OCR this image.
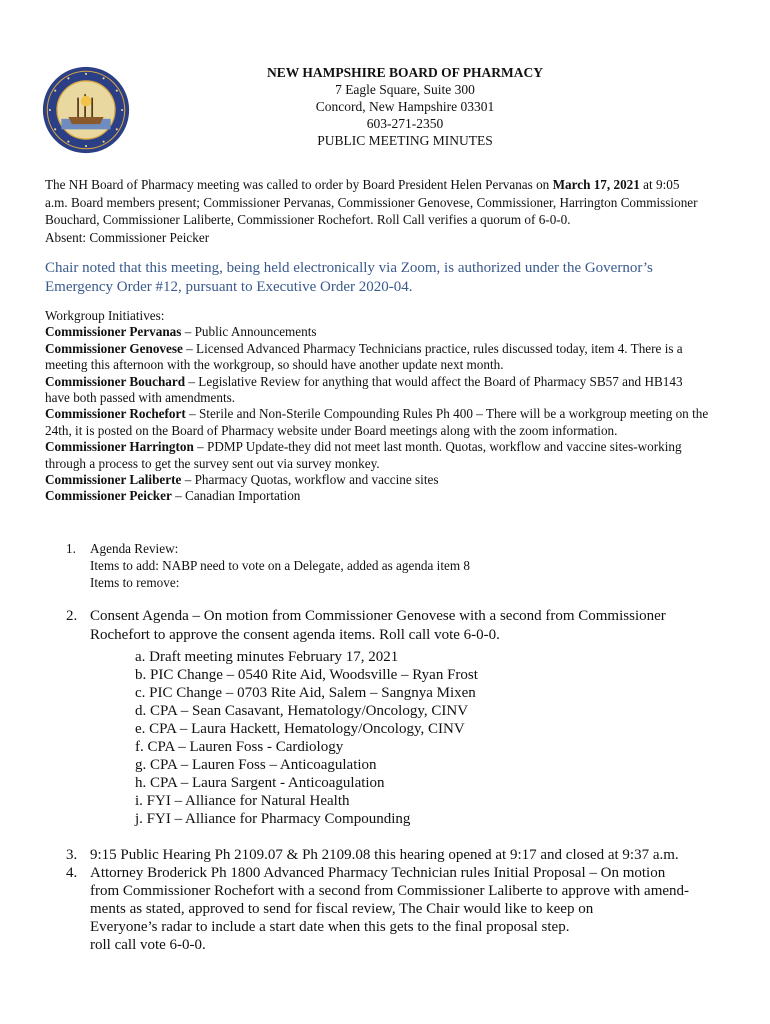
NEW HAMPSHIRE BOARD OF PHARMACY
7 Eagle Square, Suite 300
Concord, New Hampshire 03301
603-271-2350
PUBLIC MEETING MINUTES
The NH Board of Pharmacy meeting was called to order by Board President Helen Pervanas on March 17, 2021 at 9:05 a.m. Board members present; Commissioner Pervanas, Commissioner Genovese, Commissioner, Harrington Commissioner Bouchard, Commissioner Laliberte, Commissioner Rochefort. Roll Call verifies a quorum of 6-0-0.
Absent: Commissioner Peicker
Chair noted that this meeting, being held electronically via Zoom, is authorized under the Governor’s Emergency Order #12, pursuant to Executive Order 2020-04.
Workgroup Initiatives:
Commissioner Pervanas – Public Announcements
Commissioner Genovese – Licensed Advanced Pharmacy Technicians practice, rules discussed today, item 4. There is a meeting this afternoon with the workgroup, so should have another update next month.
Commissioner Bouchard – Legislative Review for anything that would affect the Board of Pharmacy SB57 and HB143 have both passed with amendments.
Commissioner Rochefort – Sterile and Non-Sterile Compounding Rules Ph 400 – There will be a workgroup meeting on the 24th, it is posted on the Board of Pharmacy website under Board meetings along with the zoom information.
Commissioner Harrington – PDMP Update-they did not meet last month. Quotas, workflow and vaccine sites-working through a process to get the survey sent out via survey monkey.
Commissioner Laliberte – Pharmacy Quotas, workflow and vaccine sites
Commissioner Peicker – Canadian Importation
1. Agenda Review:
Items to add: NABP need to vote on a Delegate, added as agenda item 8
Items to remove:
2. Consent Agenda – On motion from Commissioner Genovese with a second from Commissioner
Rochefort to approve the consent agenda items. Roll call vote 6-0-0.
a. Draft meeting minutes February 17, 2021
b. PIC Change – 0540 Rite Aid, Woodsville – Ryan Frost
c. PIC Change – 0703 Rite Aid, Salem – Sangnya Mixen
d. CPA – Sean Casavant, Hematology/Oncology, CINV
e. CPA – Laura Hackett, Hematology/Oncology, CINV
f. CPA – Lauren Foss - Cardiology
g. CPA – Lauren Foss – Anticoagulation
h. CPA – Laura Sargent - Anticoagulation
i. FYI – Alliance for Natural Health
j. FYI – Alliance for Pharmacy Compounding
3. 9:15 Public Hearing Ph 2109.07 & Ph 2109.08 this hearing opened at 9:17 and closed at 9:37 a.m.
4. Attorney Broderick Ph 1800 Advanced Pharmacy Technician rules Initial Proposal – On motion
from Commissioner Rochefort with a second from Commissioner Laliberte to approve with amend-
ments as stated, approved to send for fiscal review, The Chair would like to keep on
Everyone’s radar to include a start date when this gets to the final proposal step.
roll call vote 6-0-0.
